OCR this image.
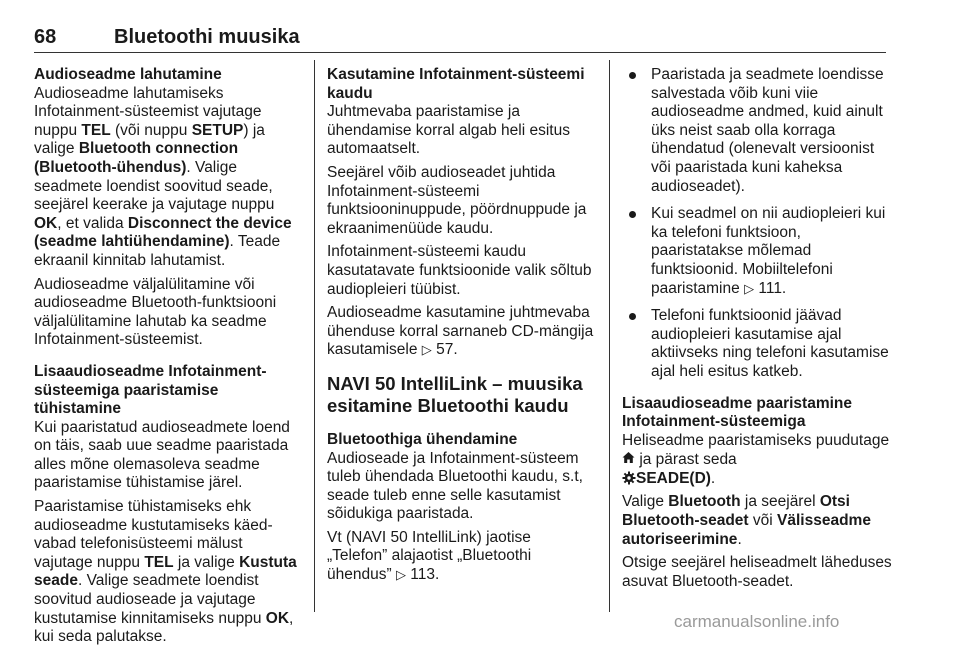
68	Bluetoothi muusika

Audioseadme lahutamine

Audioseadme lahutamiseks Infotainment-süsteemist vajutage nuppu TEL (või nuppu SETUP) ja valige Bluetooth connection (Bluetooth-ühendus). Valige seadmete loendist soovitud seade, seejärel keerake ja vajutage nuppu OK, et valida Disconnect the device (seadme lahtiühendamine). Teade ekraanil kinnitab lahutamist.

Audioseadme väljalülitamine või audioseadme Bluetooth-funktsiooni väljalülitamine lahutab ka seadme Infotainment-süsteemist.

Lisaaudioseadme Infotainment-süsteemiga paaristamise tühistamine

Kui paaristatud audioseadmete loend on täis, saab uue seadme paaristada alles mõne olemasoleva seadme paaristamise tühistamise järel.

Paaristamise tühistamiseks ehk audioseadme kustutamiseks käed-vabad telefonisüsteemi mälust vajutage nuppu TEL ja valige Kustuta seade. Valige seadmete loendist soovitud audioseade ja vajutage kustutamise kinnitamiseks nuppu OK, kui seda palutakse.

Kasutamine Infotainment-süsteemi kaudu

Juhtmevaba paaristamise ja ühendamise korral algab heli esitus automaatselt.

Seejärel võib audioseadet juhtida Infotainment-süsteemi funktsiooninuppude, pöördnuppude ja ekraanimenüüde kaudu.

Infotainment-süsteemi kaudu kasutatavate funktsioonide valik sõltub audiopleieri tüübist.

Audioseadme kasutamine juhtmevaba ühenduse korral sarnaneb CD-mängija kasutamisele ▷ 57.

NAVI 50 IntelliLink – muusika esitamine Bluetoothi kaudu

Bluetoothiga ühendamine

Audioseade ja Infotainment-süsteem tuleb ühendada Bluetoothi kaudu, s.t, seade tuleb enne selle kasutamist sõidukiga paaristada.

Vt (NAVI 50 IntelliLink) jaotise „Telefon” alajaotist „Bluetoothi ühendus” ▷ 113.

Paaristada ja seadmete loendisse salvestada võib kuni viie audioseadme andmed, kuid ainult üks neist saab olla korraga ühendatud (olenevalt versioonist või paaristada kuni kaheksa audioseadet).
Kui seadmel on nii audiopleieri kui ka telefoni funktsioon, paaristatakse mõlemad funktsioonid. Mobiiltelefoni paaristamine ▷ 111.
Telefoni funktsioonid jäävad audiopleieri kasutamise ajal aktiivseks ning telefoni kasutamise ajal heli esitus katkeb.

Lisaaudioseadme paaristamine Infotainment-süsteemiga

Heliseadme paaristamiseks puudutage  ja pärast seda
SEADE(D).

Valige Bluetooth ja seejärel Otsi Bluetooth-seadet või Välisseadme autoriseerimine.

Otsige seejärel heliseadmelt läheduses asuvat Bluetooth-seadet.

carmanualsonline.info
